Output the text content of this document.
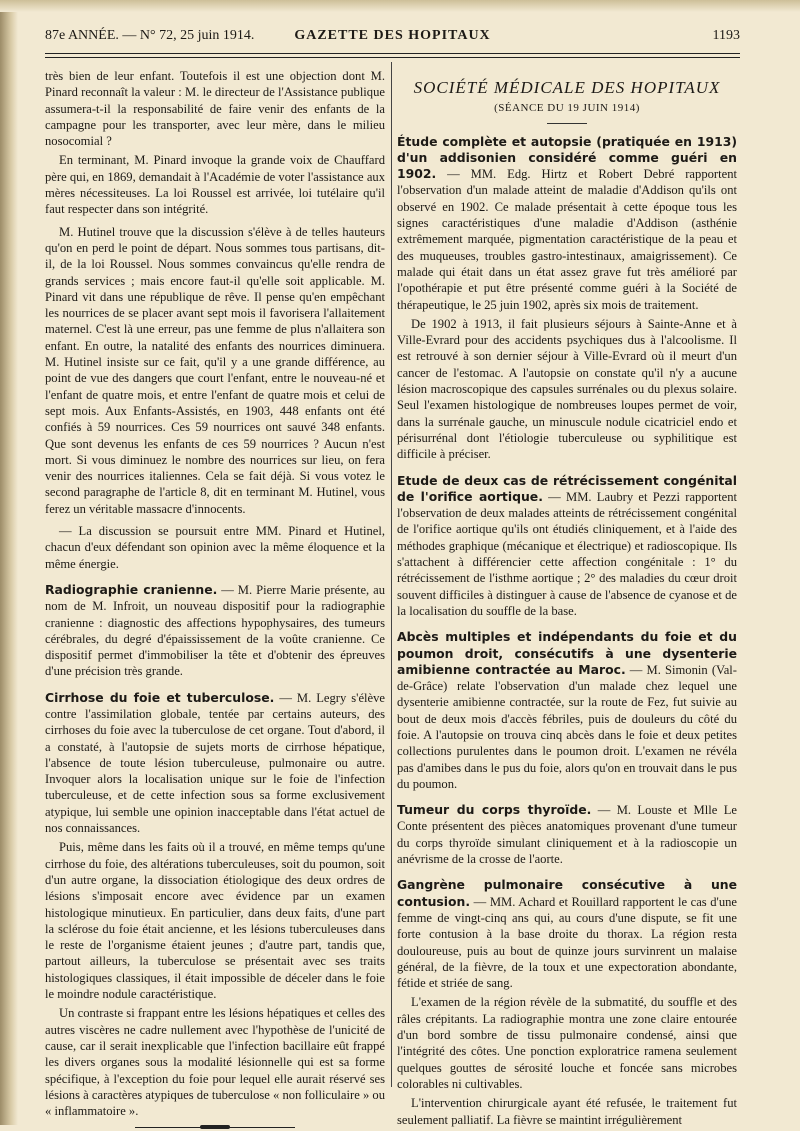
87e ANNÉE. — N° 72, 25 juin 1914.	GAZETTE DES HOPITAUX	1193

très bien de leur enfant. Toutefois il est une objection dont M. Pinard reconnaît la valeur : M. le directeur de l'Assistance publique assumera-t-il la responsabilité de faire venir des enfants de la campagne pour les transporter, avec leur mère, dans le milieu nosocomial ?

En terminant, M. Pinard invoque la grande voix de Chauffard père qui, en 1869, demandait à l'Académie de voter l'assistance aux mères nécessiteuses. La loi Roussel est arrivée, loi tutélaire qu'il faut respecter dans son intégrité.

M. Hutinel trouve que la discussion s'élève à de telles hauteurs qu'on en perd le point de départ. Nous sommes tous partisans, dit-il, de la loi Roussel. Nous sommes convaincus qu'elle rendra de grands services ; mais encore faut-il qu'elle soit applicable. M. Pinard vit dans une république de rêve. Il pense qu'en empêchant les nourrices de se placer avant sept mois il favorisera l'allaitement maternel. C'est là une erreur, pas une femme de plus n'allaitera son enfant. En outre, la natalité des enfants des nourrices diminuera. M. Hutinel insiste sur ce fait, qu'il y a une grande différence, au point de vue des dangers que court l'enfant, entre le nouveau-né et l'enfant de quatre mois, et entre l'enfant de quatre mois et celui de sept mois. Aux Enfants-Assistés, en 1903, 448 enfants ont été confiés à 59 nourrices. Ces 59 nourrices ont sauvé 348 enfants. Que sont devenus les enfants de ces 59 nourrices ? Aucun n'est mort. Si vous diminuez le nombre des nourrices sur lieu, on fera venir des nourrices italiennes. Cela se fait déjà. Si vous votez le second paragraphe de l'article 8, dit en terminant M. Hutinel, vous ferez un véritable massacre d'innocents.

— La discussion se poursuit entre MM. Pinard et Hutinel, chacun d'eux défendant son opinion avec la même éloquence et la même énergie.

Radiographie cranienne. — M. Pierre Marie présente, au nom de M. Infroit, un nouveau dispositif pour la radiographie cranienne : diagnostic des affections hypophysaires, des tumeurs cérébrales, du degré d'épaississement de la voûte cranienne. Ce dispositif permet d'immobiliser la tête et d'obtenir des épreuves d'une précision très grande.

Cirrhose du foie et tuberculose. — M. Legry s'élève contre l'assimilation globale, tentée par certains auteurs, des cirrhoses du foie avec la tuberculose de cet organe. Tout d'abord, il a constaté, à l'autopsie de sujets morts de cirrhose hépatique, l'absence de toute lésion tuberculeuse, pulmonaire ou autre. Invoquer alors la localisation unique sur le foie de l'infection tuberculeuse, et de cette infection sous sa forme exclusivement atypique, lui semble une opinion inacceptable dans l'état actuel de nos connaissances.

Puis, même dans les faits où il a trouvé, en même temps qu'une cirrhose du foie, des altérations tuberculeuses, soit du poumon, soit d'un autre organe, la dissociation étiologique des deux ordres de lésions s'imposait encore avec évidence par un examen histologique minutieux. En particulier, dans deux faits, d'une part la sclérose du foie était ancienne, et les lésions tuberculeuses dans le reste de l'organisme étaient jeunes ; d'autre part, tandis que, partout ailleurs, la tuberculose se présentait avec ses traits histologiques classiques, il était impossible de déceler dans le foie le moindre nodule caractéristique.

Un contraste si frappant entre les lésions hépatiques et celles des autres viscères ne cadre nullement avec l'hypothèse de l'unicité de cause, car il serait inexplicable que l'infection bacillaire eût frappé les divers organes sous la modalité lésionnelle qui est sa forme spécifique, à l'exception du foie pour lequel elle aurait réservé ses lésions à caractères atypiques de tuberculose « non folliculaire » ou « inflammatoire ».

SOCIÉTÉ MÉDICALE DES HOPITAUX
(SÉANCE DU 19 JUIN 1914)

Étude complète et autopsie (pratiquée en 1913) d'un addisonien considéré comme guéri en 1902. — MM. Edg. Hirtz et Robert Debré rapportent l'observation d'un malade atteint de maladie d'Addison qu'ils ont observé en 1902. Ce malade présentait à cette époque tous les signes caractéristiques d'une maladie d'Addison (asthénie extrêmement marquée, pigmentation caractéristique de la peau et des muqueuses, troubles gastro-intestinaux, amaigrissement). Ce malade qui était dans un état assez grave fut très amélioré par l'opothérapie et put être présenté comme guéri à la Société de thérapeutique, le 25 juin 1902, après six mois de traitement.

De 1902 à 1913, il fait plusieurs séjours à Sainte-Anne et à Ville-Evrard pour des accidents psychiques dus à l'alcoolisme. Il est retrouvé à son dernier séjour à Ville-Evrard où il meurt d'un cancer de l'estomac. A l'autopsie on constate qu'il n'y a aucune lésion macroscopique des capsules surrénales ou du plexus solaire. Seul l'examen histologique de nombreuses loupes permet de voir, dans la surrénale gauche, un minuscule nodule cicatriciel endo et périsurrénal dont l'étiologie tuberculeuse ou syphilitique est difficile à préciser.

Etude de deux cas de rétrécissement congénital de l'orifice aortique. — MM. Laubry et Pezzi rapportent l'observation de deux malades atteints de rétrécissement congénital de l'orifice aortique qu'ils ont étudiés cliniquement, et à l'aide des méthodes graphique (mécanique et électrique) et radioscopique. Ils s'attachent à différencier cette affection congénitale : 1° du rétrécissement de l'isthme aortique ; 2° des maladies du cœur droit souvent difficiles à distinguer à cause de l'absence de cyanose et de la localisation du souffle de la base.

Abcès multiples et indépendants du foie et du poumon droit, consécutifs à une dysenterie amibienne contractée au Maroc. — M. Simonin (Val-de-Grâce) relate l'observation d'un malade chez lequel une dysenterie amibienne contractée, sur la route de Fez, fut suivie au bout de deux mois d'accès fébriles, puis de douleurs du côté du foie. A l'autopsie on trouva cinq abcès dans le foie et deux petites collections purulentes dans le poumon droit. L'examen ne révéla pas d'amibes dans le pus du foie, alors qu'on en trouvait dans le pus du poumon.

Tumeur du corps thyroïde. — M. Louste et Mlle Le Conte présentent des pièces anatomiques provenant d'une tumeur du corps thyroïde simulant cliniquement et à la radioscopie un anévrisme de la crosse de l'aorte.

Gangrène pulmonaire consécutive à une contusion. — MM. Achard et Rouillard rapportent le cas d'une femme de vingt-cinq ans qui, au cours d'une dispute, se fit une forte contusion à la base droite du thorax. La région resta douloureuse, puis au bout de quinze jours survinrent un malaise général, de la fièvre, de la toux et une expectoration abondante, fétide et striée de sang.

L'examen de la région révèle de la submatité, du souffle et des râles crépitants. La radiographie montra une zone claire entourée d'un bord sombre de tissu pulmonaire condensé, ainsi que l'intégrité des côtes. Une ponction exploratrice ramena seulement quelques gouttes de sérosité louche et foncée sans microbes colorables ni cultivables.

L'intervention chirurgicale ayant été refusée, le traitement fut seulement palliatif. La fièvre se maintint irrégulièrement
